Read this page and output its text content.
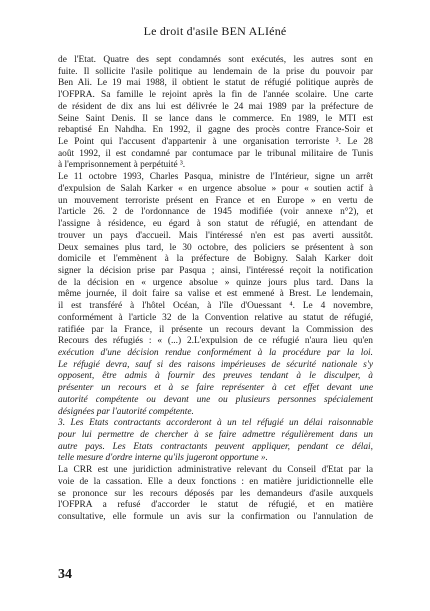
Le droit d'asile BEN ALIéné
de l'État. Quatre des sept condamnés sont exécutés, les autres sont en
fuite. Il sollicite l'asile politique au lendemain de la prise du pouvoir par
Ben Ali. Le 19 mai 1988, il obtient le statut de réfugié politique auprès de
l'OFPRA. Sa famille le rejoint après la fin de l'année scolaire. Une carte
de résident de dix ans lui est délivrée le 24 mai 1989 par la préfecture de
Seine Saint Denis. Il se lance dans le commerce. En 1989, le MTI est
rebaptisé En Nahdha. En 1992, il gagne des procès contre France-Soir et
Le Point qui l'accusent d'appartenir à une organisation terroriste ³. Le 28
août 1992, il est condamné par contumace par le tribunal militaire de Tunis
à l'emprisonnement à perpétuité ³.
Le 11 octobre 1993, Charles Pasqua, ministre de l'Intérieur, signe un arrêt
d'expulsion de Salah Karker « en urgence absolue » pour « soutien actif à
un mouvement terroriste présent en France et en Europe » en vertu de
l'article 26. 2 de l'ordonnance de 1945 modifiée (voir annexe n°2), et
l'assigne à résidence, eu égard à son statut de réfugié, en attendant de
trouver un pays d'accueil. Mais l'intéressé n'en est pas averti aussitôt.
Deux semaines plus tard, le 30 octobre, des policiers se présentent à son
domicile et l'emmènent à la préfecture de Bobigny. Salah Karker doit
signer la décision prise par Pasqua ; ainsi, l'intéressé reçoit la notification
de la décision en « urgence absolue » quinze jours plus tard. Dans la
même journée, il doit faire sa valise et est emmené à Brest. Le lendemain,
il est transféré à l'hôtel Océan, à l'île d'Ouessant ⁴. Le 4 novembre,
conformément à l'article 32 de la Convention relative au statut de réfugié,
ratifiée par la France, il présente un recours devant la Commission des
Recours des réfugiés : « (...) 2.L'expulsion de ce réfugié n'aura lieu qu'en
exécution d'une décision rendue conformément à la procédure par la loi.
Le réfugié devra, sauf si des raisons impérieuses de sécurité nationale s'y
opposent, être admis à fournir des preuves tendant à le disculper, à
présenter un recours et à se faire représenter à cet effet devant une
autorité compétente ou devant une ou plusieurs personnes spécialement
désignées par l'autorité compétente.
3. Les Etats contractants accorderont à un tel réfugié un délai raisonnable
pour lui permettre de chercher à se faire admettre régulièrement dans un
autre pays. Les Etats contractants peuvent appliquer, pendant ce délai,
telle mesure d'ordre interne qu'ils jugeront opportune ».
La CRR est une juridiction administrative relevant du Conseil d'Etat par la
voie de la cassation. Elle a deux fonctions : en matière juridictionnelle elle
se prononce sur les recours déposés par les demandeurs d'asile auxquels
l'OFPRA a refusé d'accorder le statut de réfugié, et en matière
consultative, elle formule un avis sur la confirmation ou l'annulation de
34
